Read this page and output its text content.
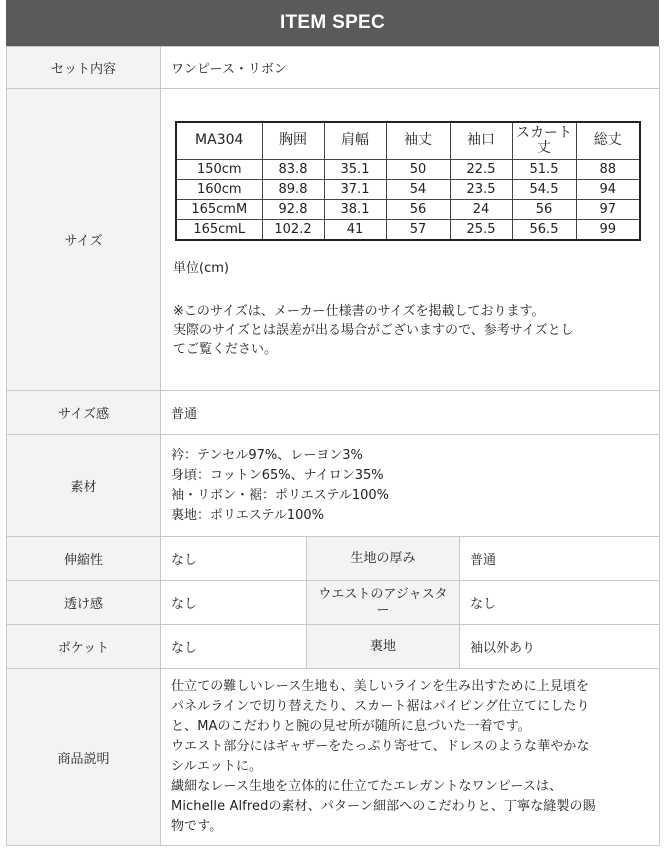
ITEM SPEC
セット内容	ワンピース・リボン
サイズ	
MA304	胸囲	肩幅	袖丈	袖口	スカート丈	総丈
150cm	83.8	35.1	50	22.5	51.5	88
160cm	89.8	37.1	54	23.5	54.5	94
165cmM	92.8	38.1	56	24	56	97
165cmL	102.2	41	57	25.5	56.5	99
単位(cm)
※このサイズは、メーカー仕様書のサイズを掲載しております。
実際のサイズとは誤差が出る場合がございますので、参考サイズとし
てご覧ください。

サイズ感	普通
素材	
衿：テンセル97%、レーヨン3%
身頃：コットン65%、ナイロン35%
袖・リボン・裾：ポリエステル100%
裏地：ポリエステル100%

伸縮性	なし	生地の厚み	普通
透け感	なし	ウエストのアジャスター	なし
ポケット	なし	裏地	袖以外あり
商品説明	
仕立ての難しいレース生地も、美しいラインを生み出すために上見頃を
パネルラインで切り替えたり、スカート裾はパイピング仕立てにしたり
と、MAのこだわりと腕の見せ所が随所に息づいた一着です。
ウエスト部分にはギャザーをたっぷり寄せて、ドレスのような華やかな
シルエットに。
繊細なレース生地を立体的に仕立てたエレガントなワンピースは、
Michelle Alfredの素材、パターン細部へのこだわりと、丁寧な縫製の賜
物です。
